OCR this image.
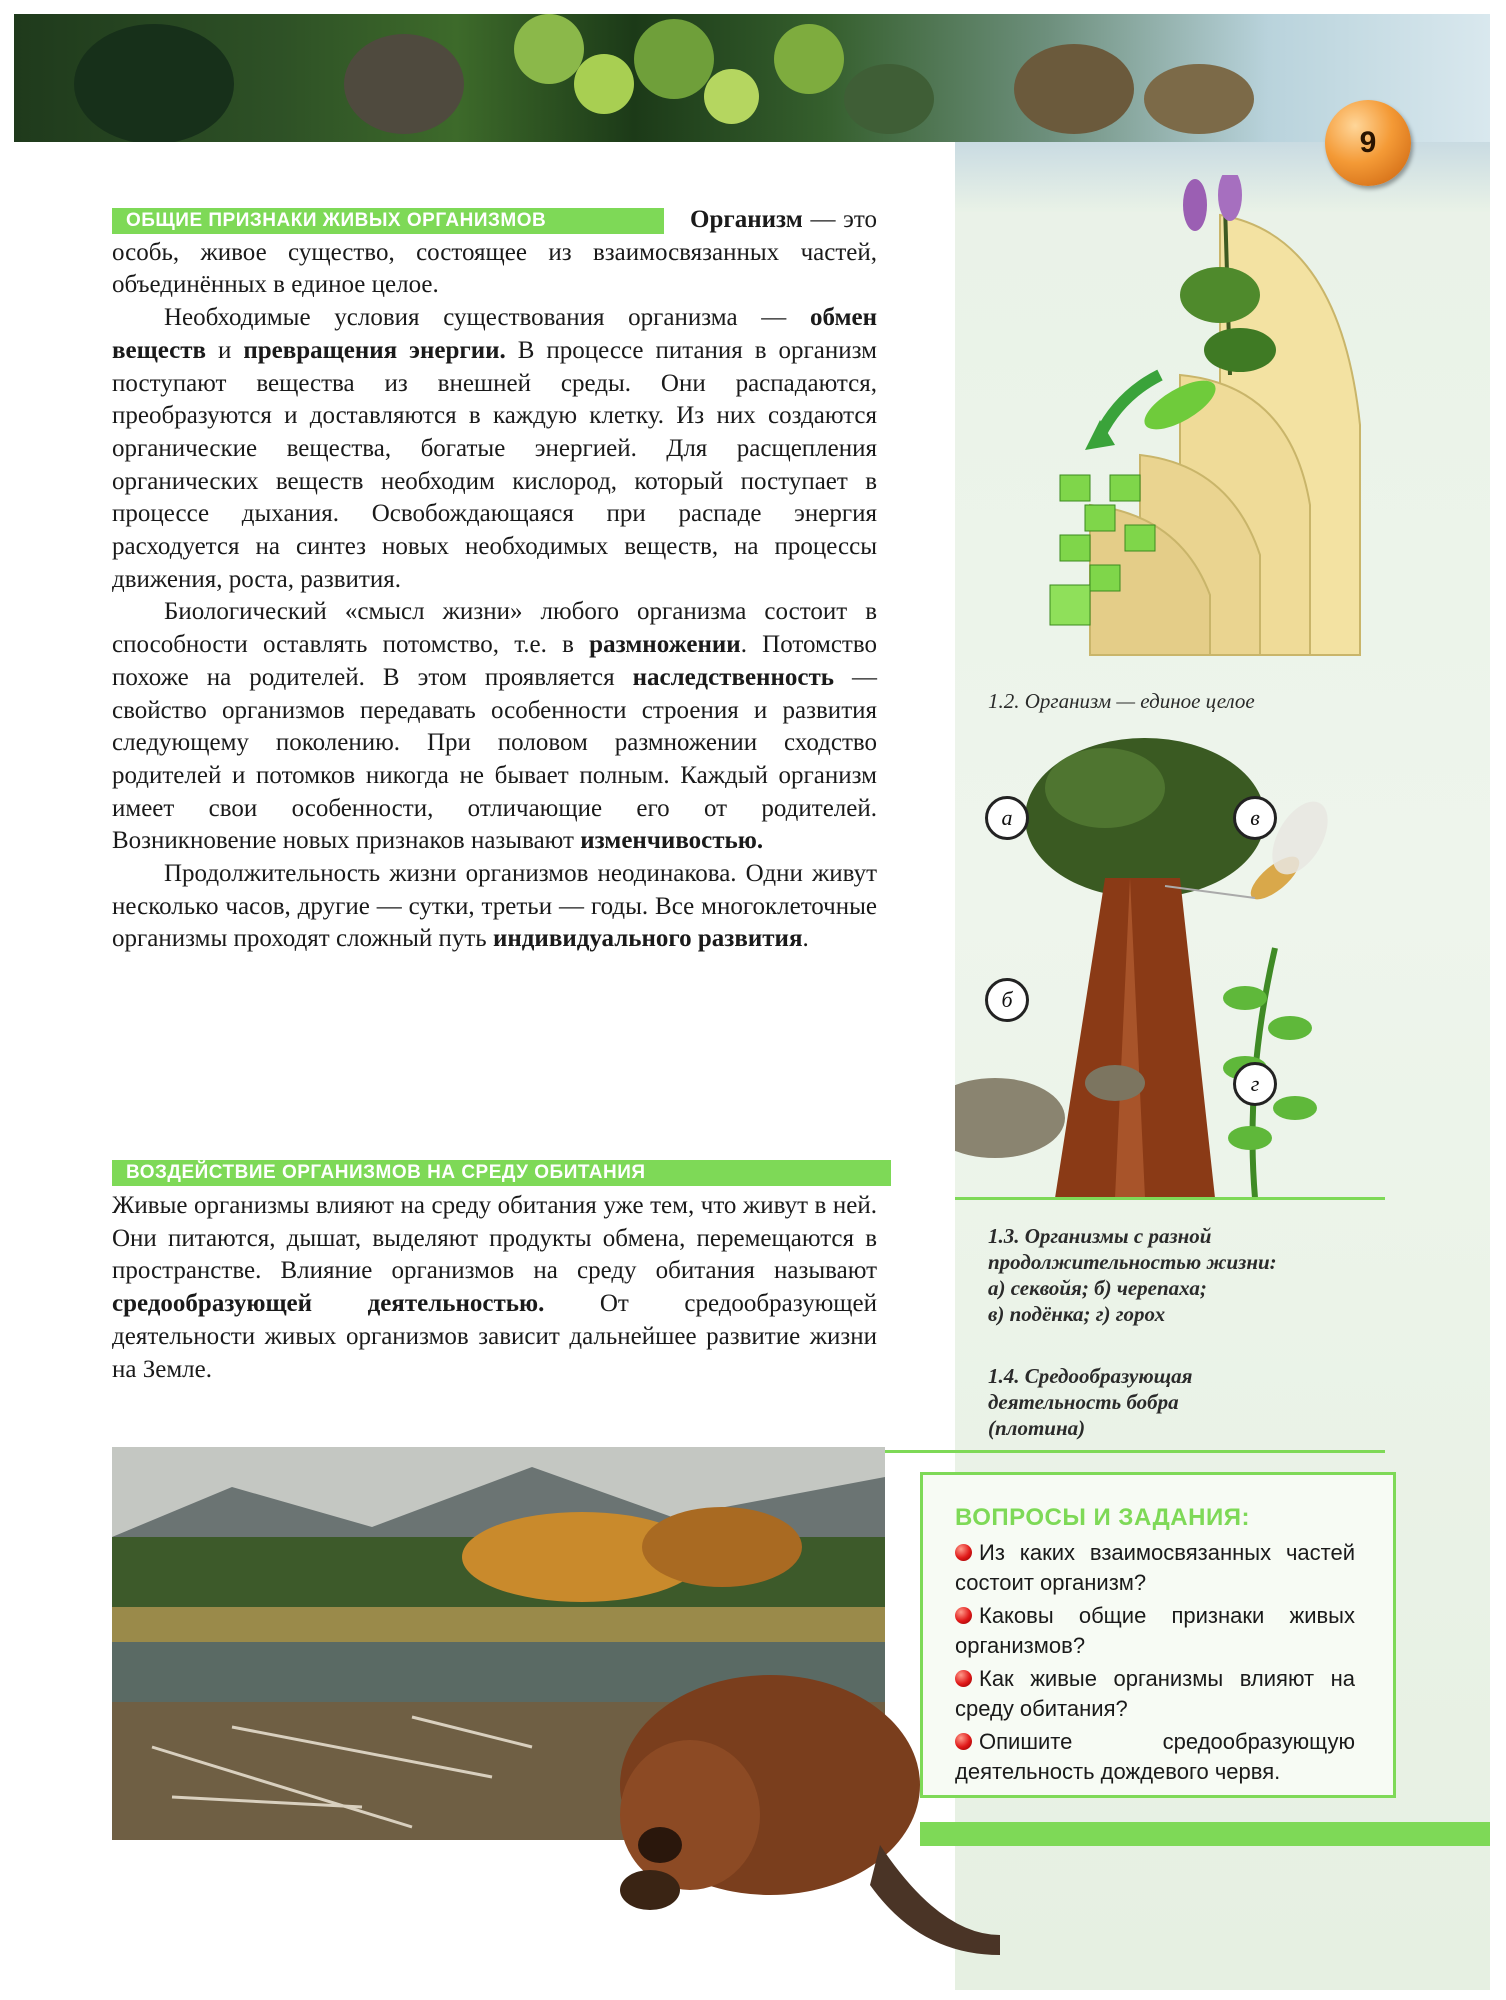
9
ОБЩИЕ ПРИЗНАКИ ЖИВЫХ ОРГАНИЗМОВ	Организм — это особь, живое существо, состоящее из взаимосвязанных частей, объединённых в единое целое.

Необходимые условия существования организма — обмен веществ и превращения энергии. В процессе питания в организм поступают вещества из внешней среды. Они распадаются, преобразуются и доставляются в каждую клетку. Из них создаются органические вещества, богатые энергией. Для расщепления органических веществ необходим кислород, который поступает в процессе дыхания. Освобождающаяся при распаде энергия расходуется на синтез новых необходимых веществ, на процессы движения, роста, развития.

Биологический «смысл жизни» любого организма состоит в способности оставлять потомство, т.е. в размножении. Потомство похоже на родителей. В этом проявляется наследственность — свойство организмов передавать особенности строения и развития следующему поколению. При половом размножении сходство родителей и потомков никогда не бывает полным. Каждый организм имеет свои особенности, отличающие его от родителей. Возникновение новых признаков называют изменчивостью.

Продолжительность жизни организмов неодинакова. Одни живут несколько часов, другие — сутки, третьи — годы. Все многоклеточные организмы проходят сложный путь индивидуального развития.

ВОЗДЕЙСТВИЕ ОРГАНИЗМОВ НА СРЕДУ ОБИТАНИЯ

Живые организмы влияют на среду обитания уже тем, что живут в ней. Они питаются, дышат, выделяют продукты обмена, перемещаются в пространстве. Влияние организмов на среду обитания называют средообразующей деятельностью. От средообразующей деятельности живых организмов зависит дальнейшее развитие жизни на Земле.

1.2. Организм — единое целое
а
б
в
г
1.3. Организмы с разной
продолжительностью жизни:
а) секвойя; б) черепаха;
в) подёнка; г) горох
1.4. Средообразующая
деятельность бобра
(плотина)
ВОПРОСЫ И ЗАДАНИЯ:
Из каких взаимосвязанных частей состоит организм?
Каковы общие признаки живых организмов?
Как живые организмы влияют на среду обитания?
Опишите средообразующую деятельность дождевого червя.
